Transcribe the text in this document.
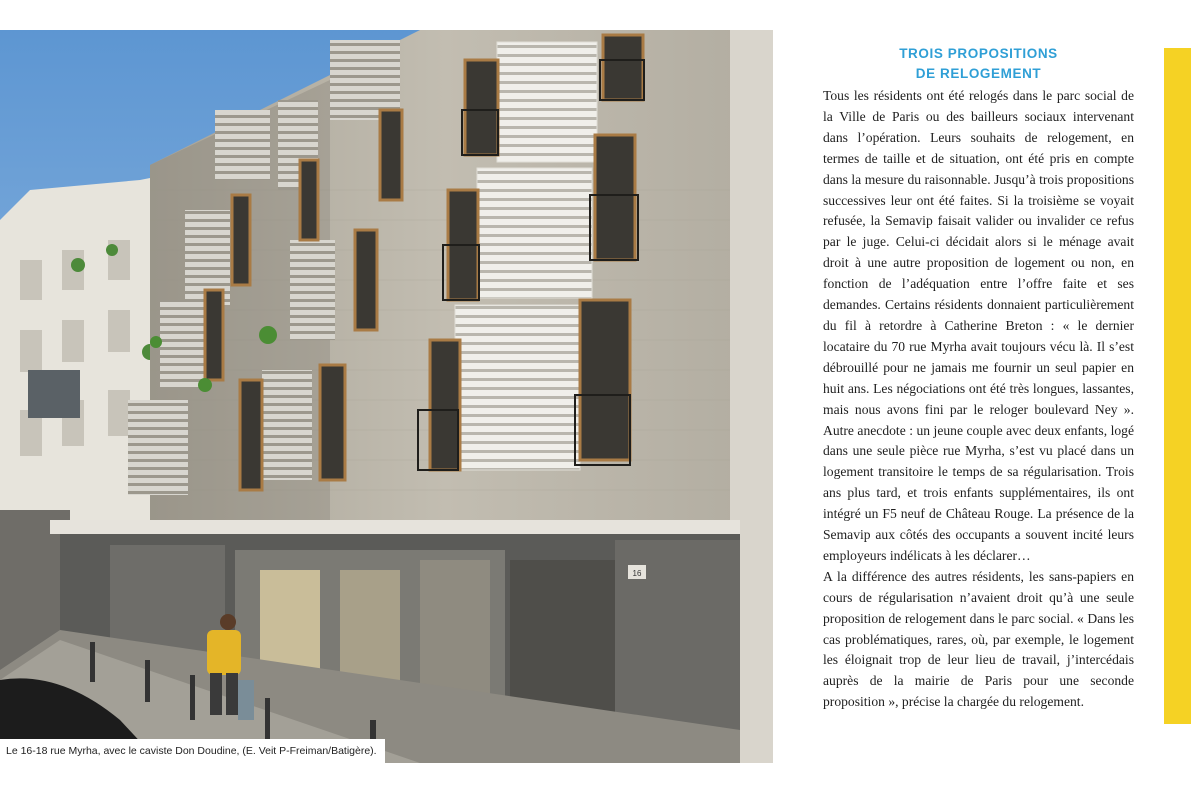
16
Le 16-18 rue Myrha, avec le caviste Don Doudine, (E. Veit P-Freiman/Batigère).
TROIS PROPOSITIONS
DE RELOGEMENT

Tous les résidents ont été relogés dans le parc social de la Ville de Paris ou des bailleurs sociaux intervenant dans l’opération. Leurs souhaits de relogement, en termes de taille et de situation, ont été pris en compte dans la mesure du raisonnable. Jusqu’à trois propositions successives leur ont été faites. Si la troisième se voyait refusée, la Semavip faisait valider ou invalider ce refus par le juge. Celui-ci décidait alors si le ménage avait droit à une autre proposition de logement ou non, en fonction de l’adéquation entre l’offre faite et ses demandes. Certains résidents donnaient particulièrement du fil à retordre à Catherine Breton : « le dernier locataire du 70 rue Myrha avait toujours vécu là. Il s’est débrouillé pour ne jamais me fournir un seul papier en huit ans. Les négociations ont été très longues, lassantes, mais nous avons fini par le reloger boulevard Ney ». Autre anecdote : un jeune couple avec deux enfants, logé dans une seule pièce rue Myrha, s’est vu placé dans un logement transitoire le temps de sa régularisation. Trois ans plus tard, et trois enfants supplémentaires, ils ont intégré un F5 neuf de Château Rouge. La présence de la Semavip aux côtés des occupants a souvent incité leurs employeurs indélicats à les déclarer…

A la différence des autres résidents, les sans-papiers en cours de régularisation n’avaient droit qu’à une seule proposition de relogement dans le parc social. « Dans les cas problématiques, rares, où, par exemple, le logement les éloignait trop de leur lieu de travail, j’intercédais auprès de la mairie de Paris pour une seconde proposition », précise la chargée du relogement.
